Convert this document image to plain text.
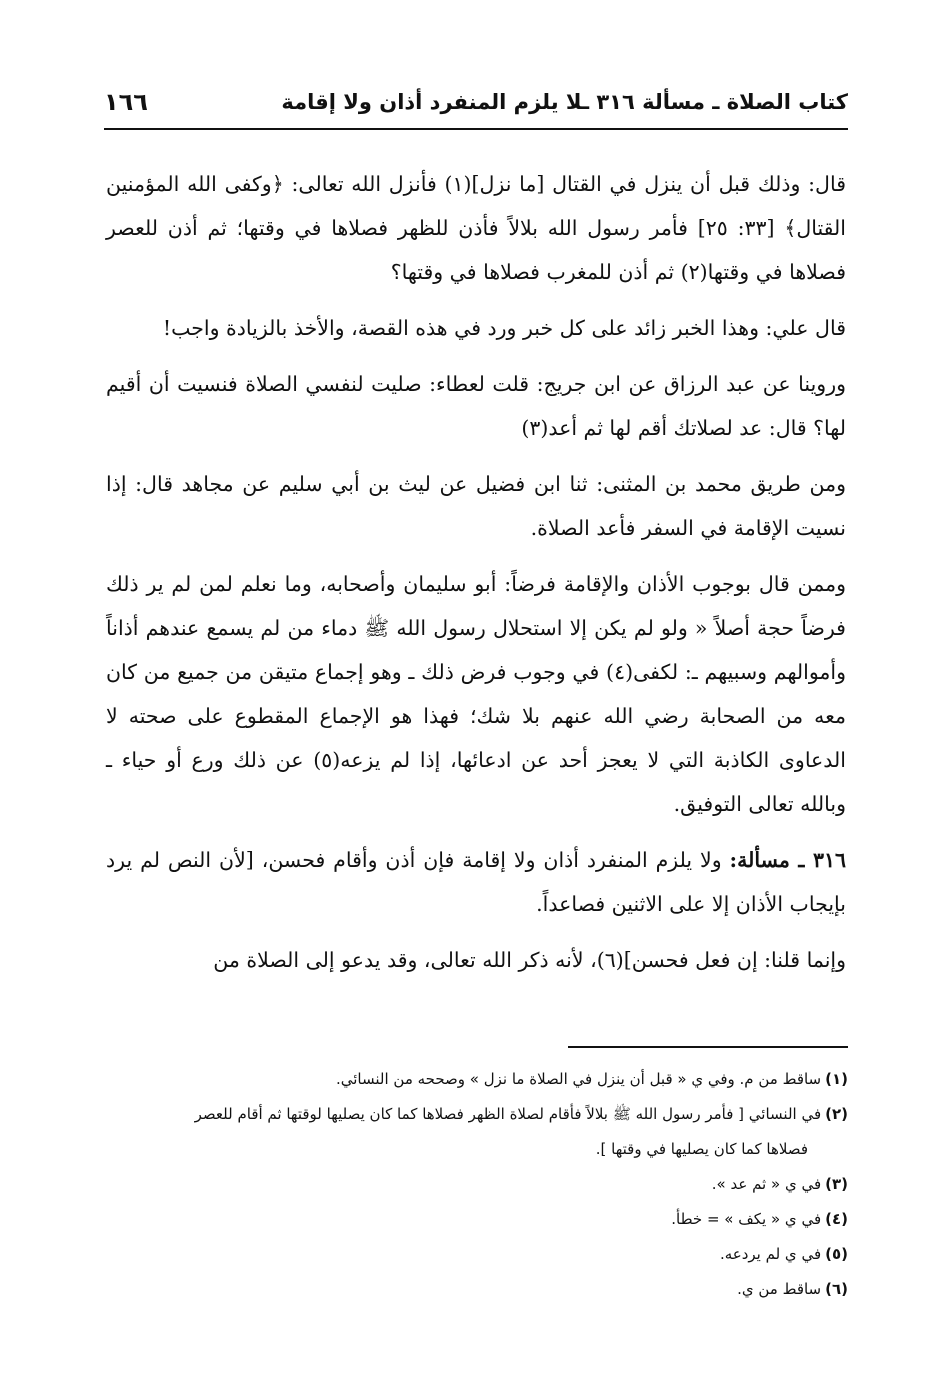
كتاب الصلاة ـ مسألة ٣١٦ ـلا يلزم المنفرد أذان ولا إقامة
١٦٦

قال: وذلك قبل أن ينزل في القتال [ما نزل](١) فأنزل الله تعالى: ﴿وكفى الله المؤمنين القتال﴾ [٣٣: ٢٥] فأمر رسول الله بلالاً فأذن للظهر فصلاها في وقتها؛ ثم أذن للعصر فصلاها في وقتها(٢) ثم أذن للمغرب فصلاها في وقتها؟

قال علي: وهذا الخبر زائد على كل خبر ورد في هذه القصة، والأخذ بالزيادة واجب!

وروينا عن عبد الرزاق عن ابن جريج: قلت لعطاء: صليت لنفسي الصلاة فنسيت أن أقيم لها؟ قال: عد لصلاتك أقم لها ثم أعد(٣)

ومن طريق محمد بن المثنى: ثنا ابن فضيل عن ليث بن أبي سليم عن مجاهد قال: إذا نسيت الإقامة في السفر فأعد الصلاة.

وممن قال بوجوب الأذان والإقامة فرضاً: أبو سليمان وأصحابه، وما نعلم لمن لم ير ذلك فرضاً حجة أصلاً « ولو لم يكن إلا استحلال رسول الله ﷺ دماء من لم يسمع عندهم أذاناً وأموالهم وسبيهم ـ: لكفى(٤) في وجوب فرض ذلك ـ وهو إجماع متيقن من جميع من كان معه من الصحابة رضي الله عنهم بلا شك؛ فهذا هو الإجماع المقطوع على صحته لا الدعاوى الكاذبة التي لا يعجز أحد عن ادعائها، إذا لم يزعه(٥) عن ذلك ورع أو حياء ـ وبالله تعالى التوفيق.

٣١٦ ـ مسألة: ولا يلزم المنفرد أذان ولا إقامة فإن أذن وأقام فحسن، [لأن النص لم يرد بإيجاب الأذان إلا على الاثنين فصاعداً.

وإنما قلنا: إن فعل فحسن](٦)، لأنه ذكر الله تعالى، وقد يدعو إلى الصلاة من

(١)ساقط من م. وفي ي « قبل أن ينزل في الصلاة ما نزل » وصححه من النسائي.

(٢)في النسائي [ فأمر رسول الله ﷺ بلالاً فأقام لصلاة الظهر فصلاها كما كان يصليها لوقتها ثم أقام للعصر

فصلاها كما كان يصليها في وقتها ].

(٣)في ي « ثم عد ».

(٤)في ي « يكف » = خطأ.

(٥)في ي لم يردعه.

(٦)ساقط من ي.
